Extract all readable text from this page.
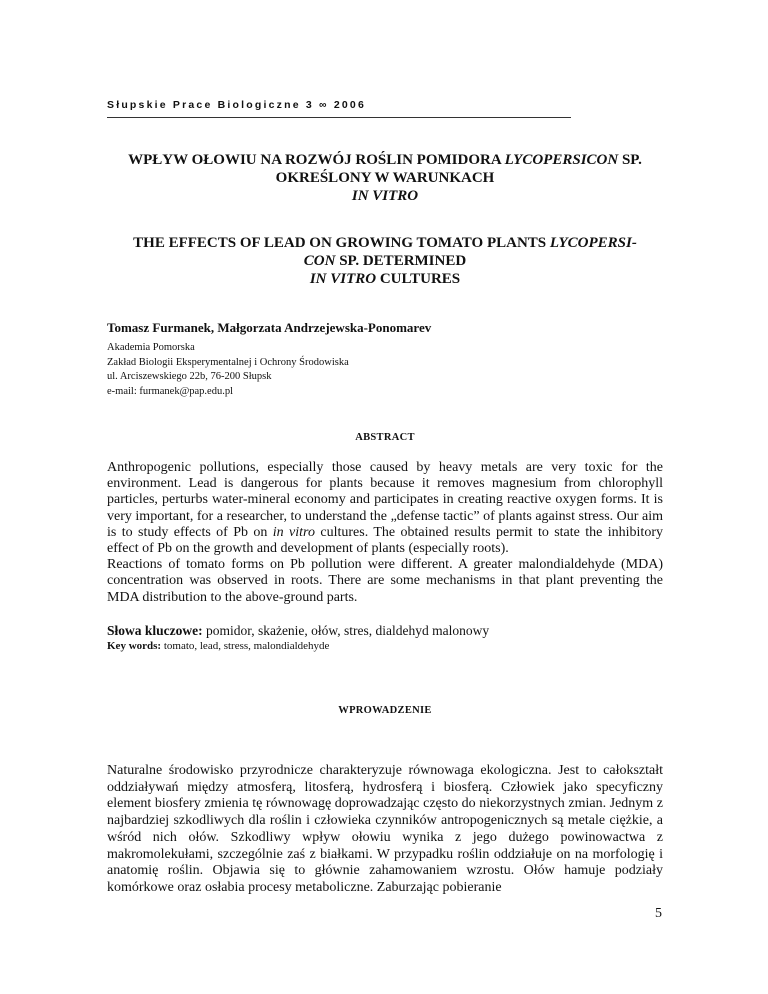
Słupskie Prace Biologiczne 3 ∞ 2006
WPŁYW OŁOWIU NA ROZWÓJ ROŚLIN POMIDORA LYCOPERSICON SP.
OKREŚLONY W WARUNKACH
IN VITRO
THE EFFECTS OF LEAD ON GROWING TOMATO PLANTS LYCOPERSI-
CON SP. DETERMINED
IN VITRO CULTURES
Tomasz Furmanek, Małgorzata Andrzejewska-Ponomarev
Akademia Pomorska
Zakład Biologii Eksperymentalnej i Ochrony Środowiska
ul. Arciszewskiego 22b, 76-200 Słupsk
e-mail: furmanek@pap.edu.pl
ABSTRACT

Anthropogenic pollutions, especially those caused by heavy metals are very toxic for the environment. Lead is dangerous for plants because it removes magnesium from chlorophyll particles, perturbs water-mineral economy and participates in creating reactive oxygen forms. It is very important, for a researcher, to understand the „defense tactic” of plants against stress. Our aim is to study effects of Pb on in vitro cultures. The obtained results permit to state the inhibitory effect of Pb on the growth and development of plants (especially roots).

Reactions of tomato forms on Pb pollution were different. A greater malondialdehyde (MDA) concentration was observed in roots. There are some mechanisms in that plant preventing the MDA distribution to the above-ground parts.

Słowa kluczowe: pomidor, skażenie, ołów, stres, dialdehyd malonowy
Key words: tomato, lead, stress, malondialdehyde
WPROWADZENIE

Naturalne środowisko przyrodnicze charakteryzuje równowaga ekologiczna. Jest to całokształt oddziaływań między atmosferą, litosferą, hydrosferą i biosferą. Człowiek jako specyficzny element biosfery zmienia tę równowagę doprowadzając często do niekorzystnych zmian. Jednym z najbardziej szkodliwych dla roślin i człowieka czynników antropogenicznych są metale ciężkie, a wśród nich ołów. Szkodliwy wpływ ołowiu wynika z jego dużego powinowactwa z makromolekułami, szczególnie zaś z białkami. W przypadku roślin oddziałuje on na morfologię i anatomię roślin. Objawia się to głównie zahamowaniem wzrostu. Ołów hamuje podziały komórkowe oraz osłabia procesy metaboliczne. Zaburzając pobieranie

5
